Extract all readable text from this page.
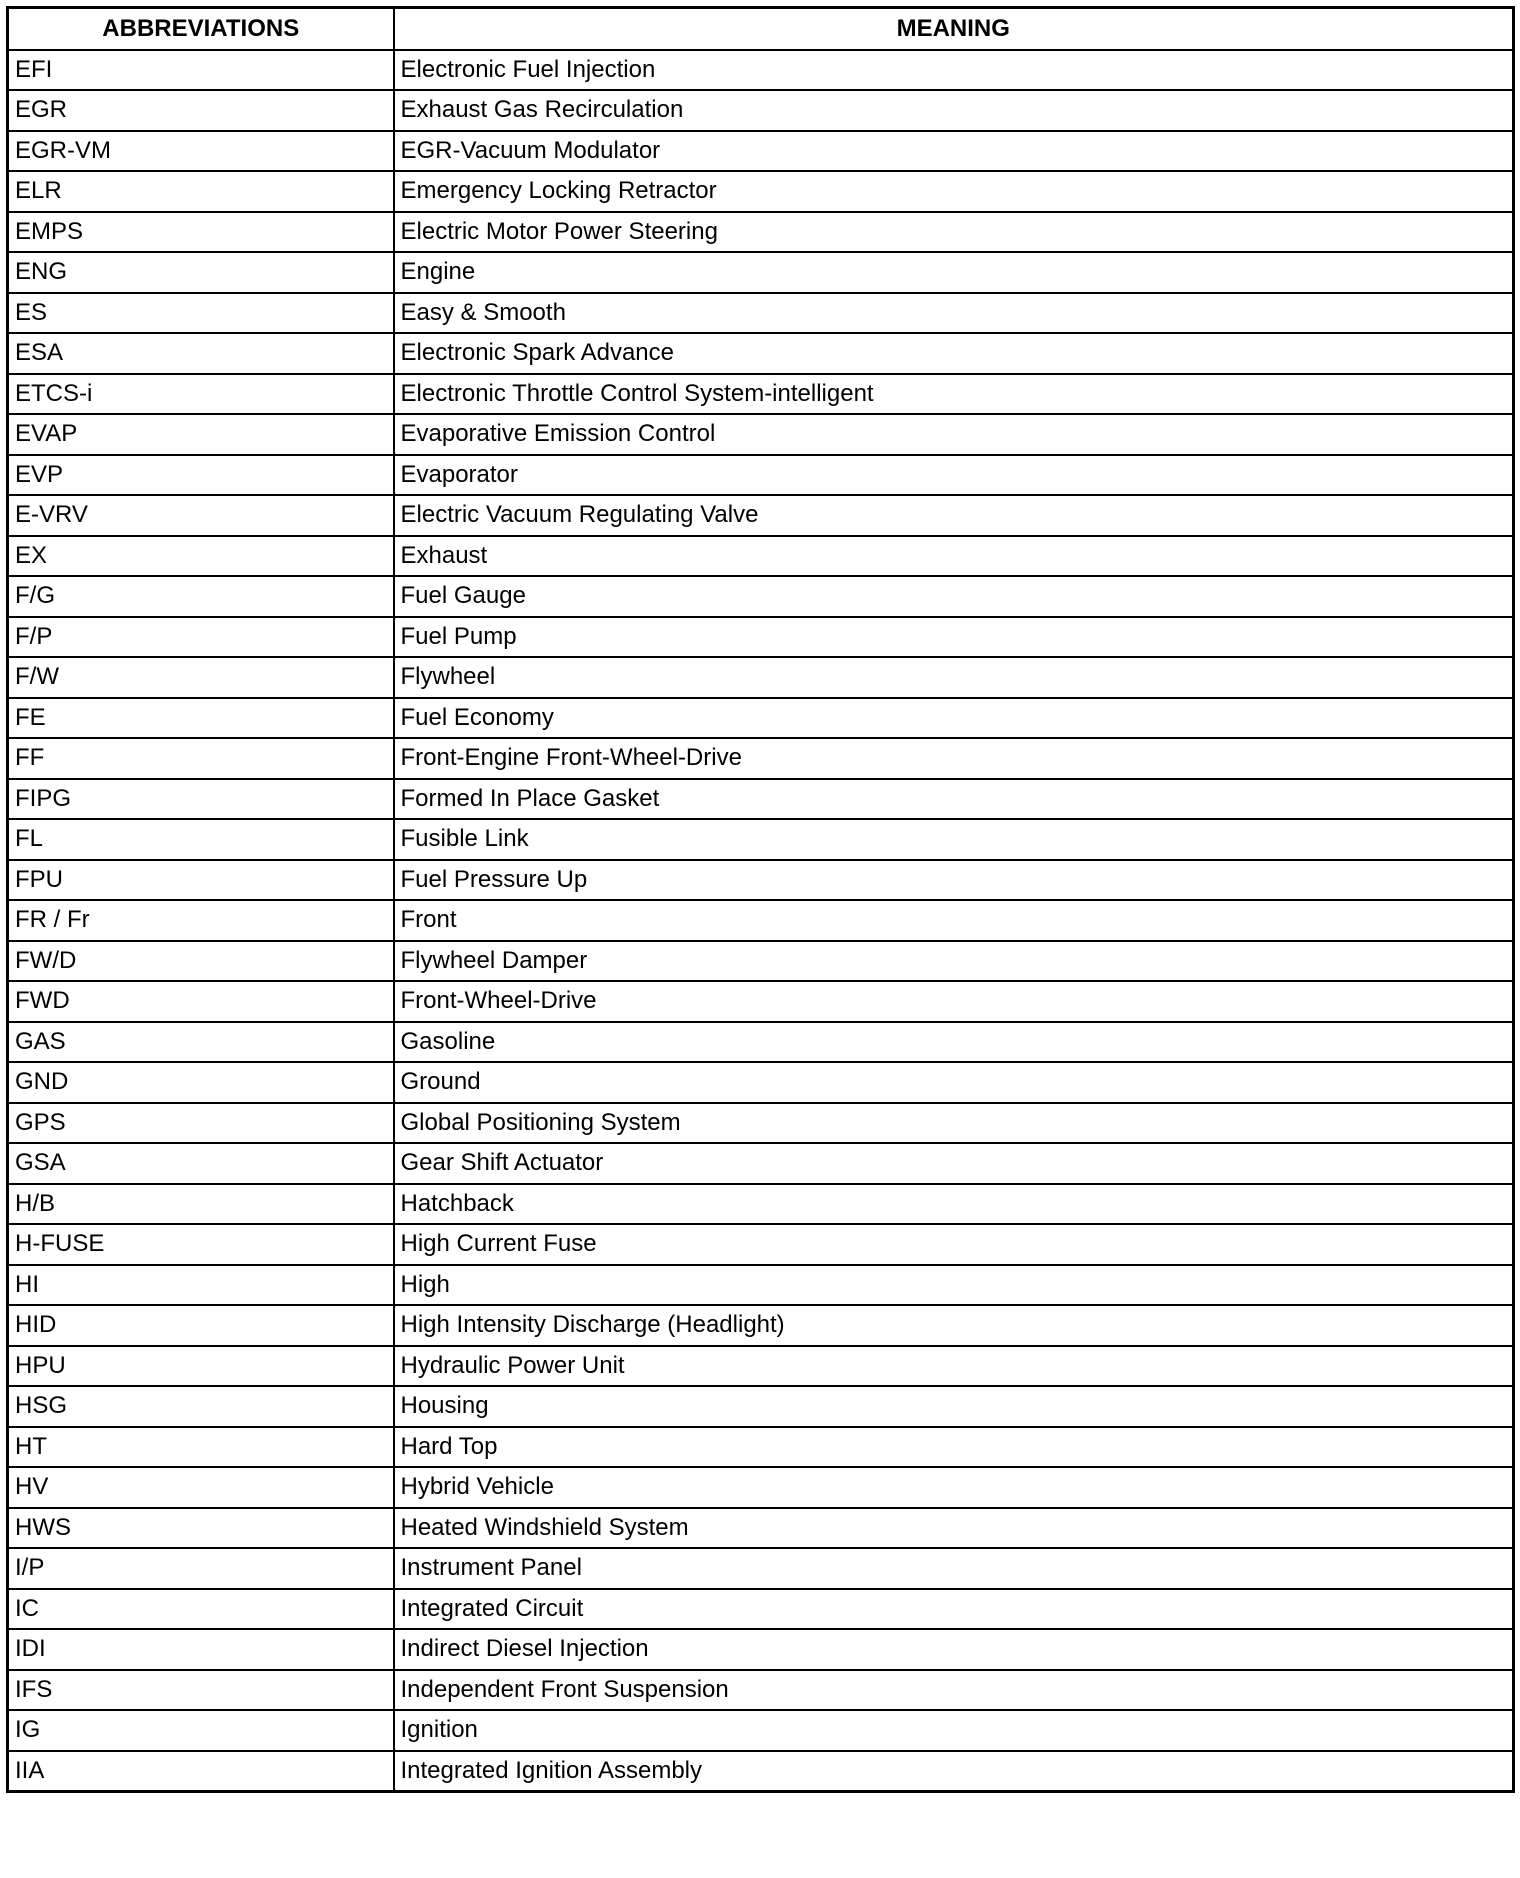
ABBREVIATIONS	MEANING
EFI	Electronic Fuel Injection
EGR	Exhaust Gas Recirculation
EGR-VM	EGR-Vacuum Modulator
ELR	Emergency Locking Retractor
EMPS	Electric Motor Power Steering
ENG	Engine
ES	Easy & Smooth
ESA	Electronic Spark Advance
ETCS-i	Electronic Throttle Control System-intelligent
EVAP	Evaporative Emission Control
EVP	Evaporator
E-VRV	Electric Vacuum Regulating Valve
EX	Exhaust
F/G	Fuel Gauge
F/P	Fuel Pump
F/W	Flywheel
FE	Fuel Economy
FF	Front-Engine Front-Wheel-Drive
FIPG	Formed In Place Gasket
FL	Fusible Link
FPU	Fuel Pressure Up
FR / Fr	Front
FW/D	Flywheel Damper
FWD	Front-Wheel-Drive
GAS	Gasoline
GND	Ground
GPS	Global Positioning System
GSA	Gear Shift Actuator
H/B	Hatchback
H-FUSE	High Current Fuse
HI	High
HID	High Intensity Discharge (Headlight)
HPU	Hydraulic Power Unit
HSG	Housing
HT	Hard Top
HV	Hybrid Vehicle
HWS	Heated Windshield System
I/P	Instrument Panel
IC	Integrated Circuit
IDI	Indirect Diesel Injection
IFS	Independent Front Suspension
IG	Ignition
IIA	Integrated Ignition Assembly
